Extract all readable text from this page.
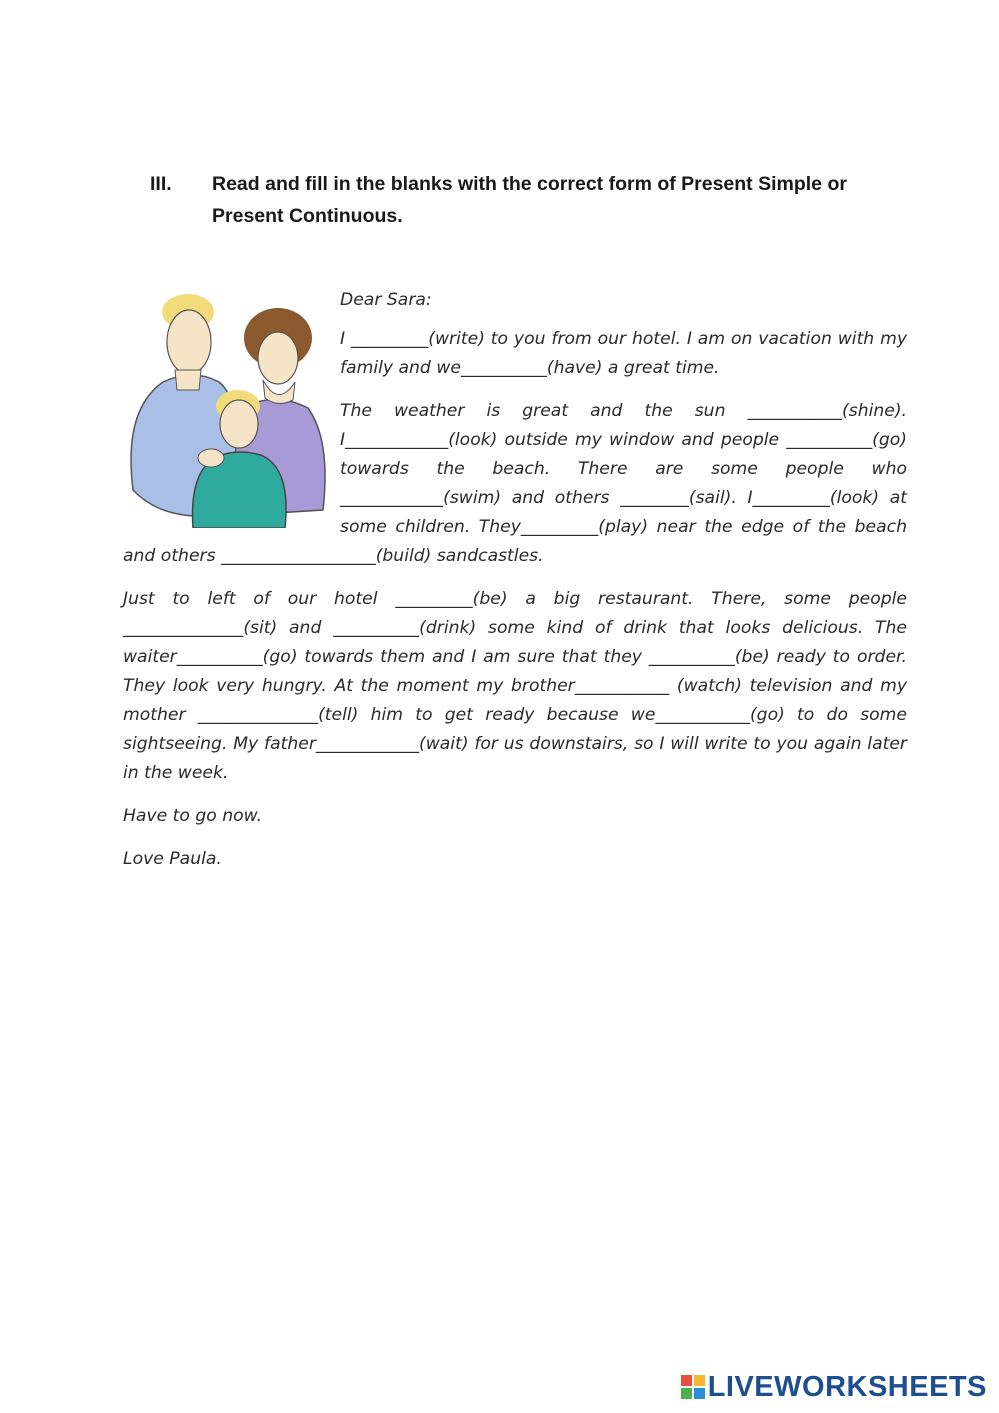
III. Read and fill in the blanks with the correct form of Present Simple or Present Continuous.

Dear Sara:

I _________(write) to you from our hotel. I am on vacation with my family and we__________(have) a great time.

The weather is great and the sun ___________(shine). I____________(look) outside my window and people __________(go) towards the beach. There are some people who ____________(swim) and others ________(sail). I_________(look) at some children. They_________(play) near the edge of the beach and others __________________(build) sandcastles.

Just to left of our hotel _________(be) a big restaurant. There, some people ______________(sit) and __________(drink) some kind of drink that looks delicious. The waiter__________(go) towards them and I am sure that they __________(be) ready to order. They look very hungry. At the moment my brother___________ (watch) television and my mother ______________(tell) him to get ready because we___________(go) to do some sightseeing. My father____________(wait) for us downstairs, so I will write to you again later in the week.

Have to go now.

Love Paula.

LIVEWORKSHEETS
